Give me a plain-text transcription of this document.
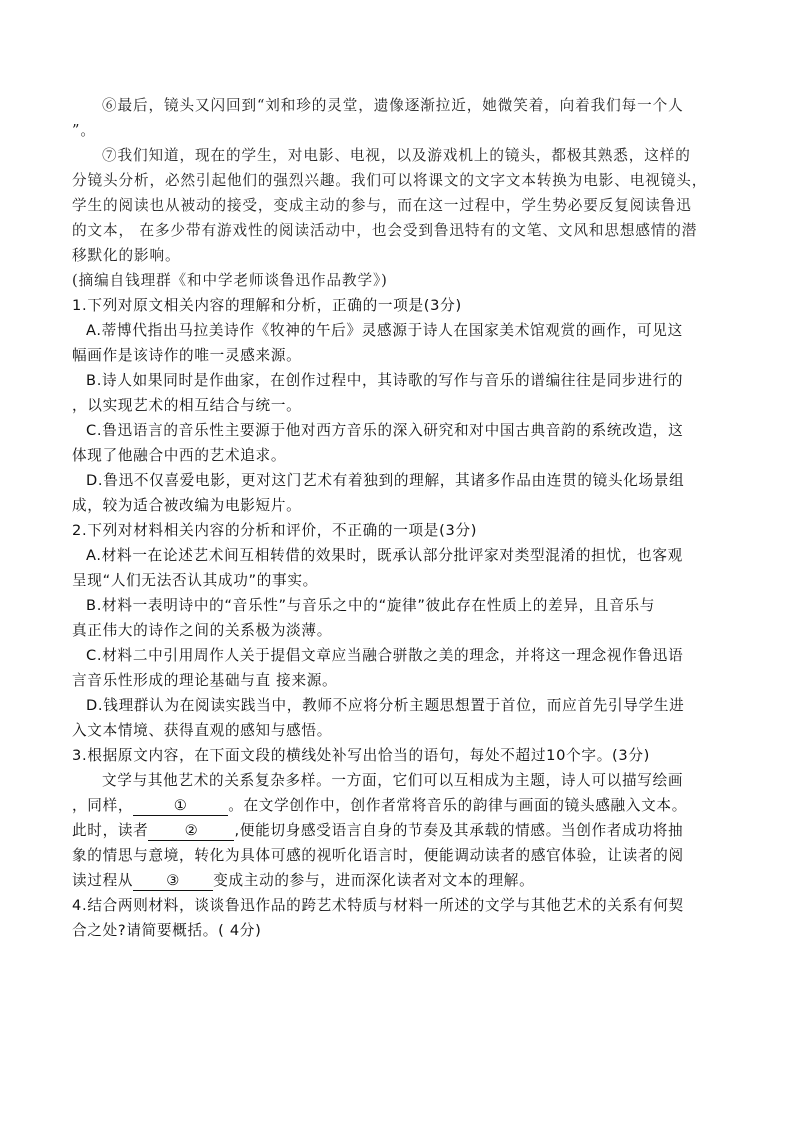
⑥最后，镜头又闪回到“刘和珍的灵堂，遗像逐渐拉近，她微笑着，向着我们每一个人
”。
⑦我们知道，现在的学生，对电影、电视，以及游戏机上的镜头，都极其熟悉，这样的
分镜头分析，必然引起他们的强烈兴趣。我们可以将课文的文字文本转换为电影、电视镜头，
学生的阅读也从被动的接受，变成主动的参与，而在这一过程中，学生势必要反复阅读鲁迅
的文本， 在多少带有游戏性的阅读活动中，也会受到鲁迅特有的文笔、文风和思想感情的潜
移默化的影响。
(摘编自钱理群《和中学老师谈鲁迅作品教学》)
1.下列对原文相关内容的理解和分析，正确的一项是(3分)
A.蒂博代指出马拉美诗作《牧神的午后》灵感源于诗人在国家美术馆观赏的画作，可见这
幅画作是该诗作的唯一灵感来源。
B.诗人如果同时是作曲家，在创作过程中，其诗歌的写作与音乐的谱编往往是同步进行的
，以实现艺术的相互结合与统一。
C.鲁迅语言的音乐性主要源于他对西方音乐的深入研究和对中国古典音韵的系统改造，这
体现了他融合中西的艺术追求。
D.鲁迅不仅喜爱电影，更对这门艺术有着独到的理解，其诸多作品由连贯的镜头化场景组
成，较为适合被改编为电影短片。
2.下列对材料相关内容的分析和评价，不正确的一项是(3分)
A.材料一在论述艺术间互相转借的效果时，既承认部分批评家对类型混淆的担忧，也客观
呈现“人们无法否认其成功”的事实。
B.材料一表明诗中的“音乐性”与音乐之中的“旋律”彼此存在性质上的差异，且音乐与
真正伟大的诗作之间的关系极为淡薄。
C.材料二中引用周作人关于提倡文章应当融合骈散之美的理念，并将这一理念视作鲁迅语
言音乐性形成的理论基础与直 接来源。
D.钱理群认为在阅读实践当中，教师不应将分析主题思想置于首位，而应首先引导学生进
入文本情境、获得直观的感知与感悟。
3.根据原文内容，在下面文段的横线处补写出恰当的语句，每处不超过10个字。(3分)
文学与其他艺术的关系复杂多样。一方面，它们可以互相成为主题，诗人可以描写绘画
，同样，	①	。在文学创作中，创作者常将音乐的韵律与画面的镜头感融入文本。
此时，读者 ② ,便能切身感受语言自身的节奏及其承载的情感。当创作者成功将抽
象的情思与意境，转化为具体可感的视听化语言时，便能调动读者的感官体验，让读者的阅
读过程从 ③ 变成主动的参与，进而深化读者对文本的理解。
4.结合两则材料，谈谈鲁迅作品的跨艺术特质与材料一所述的文学与其他艺术的关系有何契
合之处?请简要概括。( 4分)
